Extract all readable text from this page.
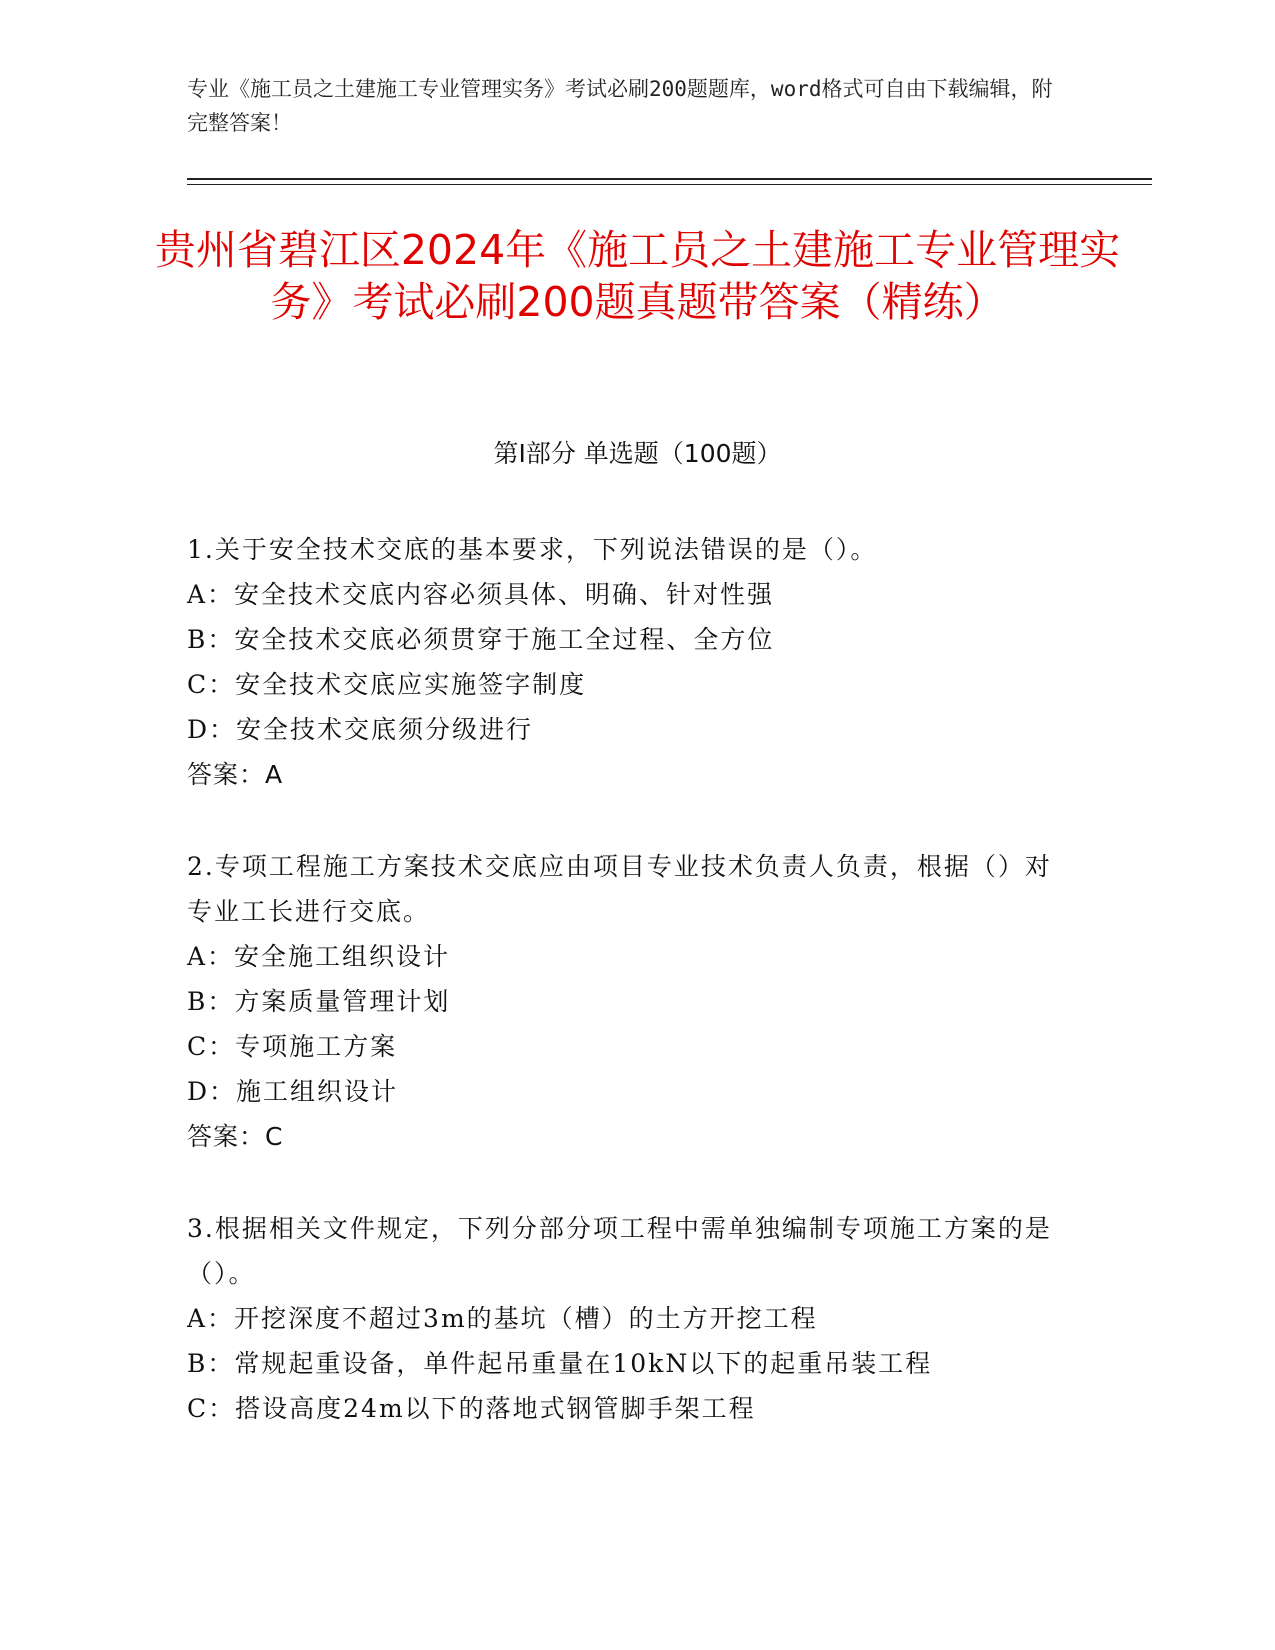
专业《施工员之土建施工专业管理实务》考试必刷200题题库，word格式可自由下载编辑，附完整答案！
贵州省碧江区2024年《施工员之土建施工专业管理实务》考试必刷200题真题带答案（精练）
第I部分 单选题（100题）
1.关于安全技术交底的基本要求，下列说法错误的是（）。
A：安全技术交底内容必须具体、明确、针对性强
B：安全技术交底必须贯穿于施工全过程、全方位
C：安全技术交底应实施签字制度
D：安全技术交底须分级进行
答案：A
2.专项工程施工方案技术交底应由项目专业技术负责人负责，根据（）对专业工长进行交底。
A：安全施工组织设计
B：方案质量管理计划
C：专项施工方案
D：施工组织设计
答案：C
3.根据相关文件规定，下列分部分项工程中需单独编制专项施工方案的是（）。
A：开挖深度不超过3m的基坑（槽）的土方开挖工程
B：常规起重设备，单件起吊重量在10kN以下的起重吊装工程
C：搭设高度24m以下的落地式钢管脚手架工程
